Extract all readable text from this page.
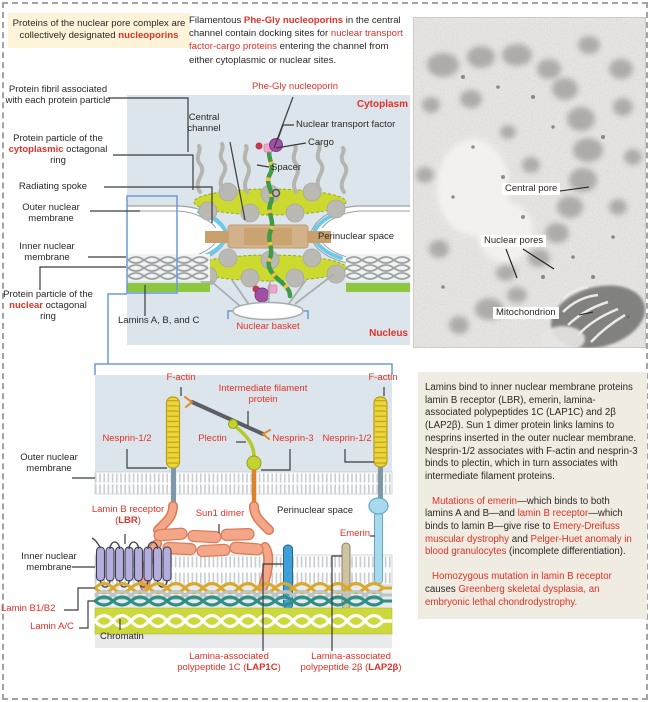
Proteins of the nuclear pore complex are collectively designated nucleoporins
Filamentous Phe-Gly nucleoporins in the central channel contain docking sites for nuclear transport factor-cargo proteins entering the channel from either cytoplasmic or nuclear sites.
Protein fibril associated with each protein particle
Protein particle of the cytoplasmic octagonal ring
Radiating spoke
Outer nuclear membrane
Inner nuclear membrane
Protein particle of the nuclear octagonal ring
Phe-Gly nucleoporin
Cytoplasm
Central channel	Nuclear transport factor
Cargo
Spacer
Perinuclear space
Lamins A, B, and C
Nuclear basket
Nucleus
Central pore
Nuclear pores
Mitochondrion
F-actin
Intermediate filament protein
F-actin
Nesprin-1/2	Plectin	Nesprin-3 Nesprin-1/2
Outer nuclear membrane
Lamin B receptor (LBR)
Sun1 dimer	Perinuclear space
Emerin
Inner nuclear membrane
Lamin B1/B2
Lamin A/C
Chromatin
Lamina-associated polypeptide 1C (LAP1C)
Lamina-associated polypeptide 2β (LAP2β)

Lamins bind to inner nuclear membrane proteins lamin B receptor (LBR), emerin, lamina-associated polypeptides 1C (LAP1C) and 2β (LAP2β). Sun 1 dimer protein links lamins to nesprins inserted in the outer nuclear membrane. Nesprin-1/2 associates with F-actin and nesprin-3 binds to plectin, which in turn associates with intermediate filament proteins.

Mutations of emerin—which binds to both lamins A and B—and lamin B receptor—which binds to lamin B—give rise to Emery-Dreifuss muscular dystrophy and Pelger-Huet anomaly in blood granulocytes (incomplete differentiation).

Homozygous mutation in lamin B receptor causes Greenberg skeletal dysplasia, an embryonic lethal chondrodystrophy.
